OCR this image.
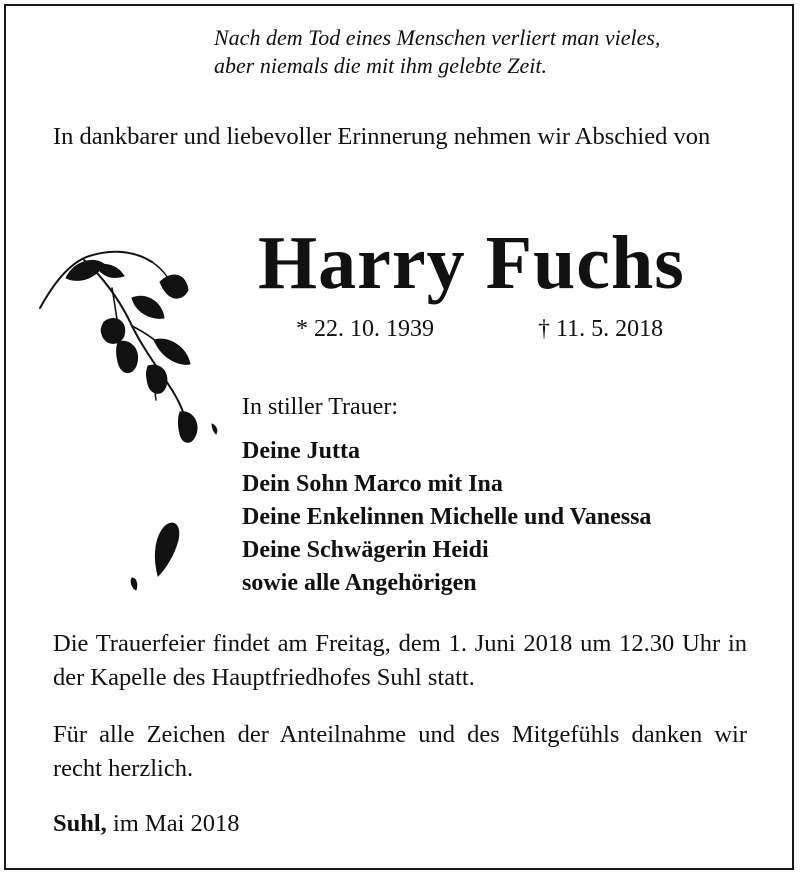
Nach dem Tod eines Menschen verliert man vieles,
aber niemals die mit ihm gelebte Zeit.
In dankbarer und liebevoller Erinnerung nehmen wir Abschied von
Harry Fuchs
* 22. 10. 1939	† 11. 5. 2018
In stiller Trauer:
Deine Jutta
Dein Sohn Marco mit Ina
Deine Enkelinnen Michelle und Vanessa
Deine Schwägerin Heidi
sowie alle Angehörigen
Die Trauerfeier findet am Freitag, dem 1. Juni 2018 um 12.30 Uhr in der Kapelle des Hauptfriedhofes Suhl statt.
Für alle Zeichen der Anteilnahme und des Mitgefühls danken wir recht herzlich.
Suhl, im Mai 2018
